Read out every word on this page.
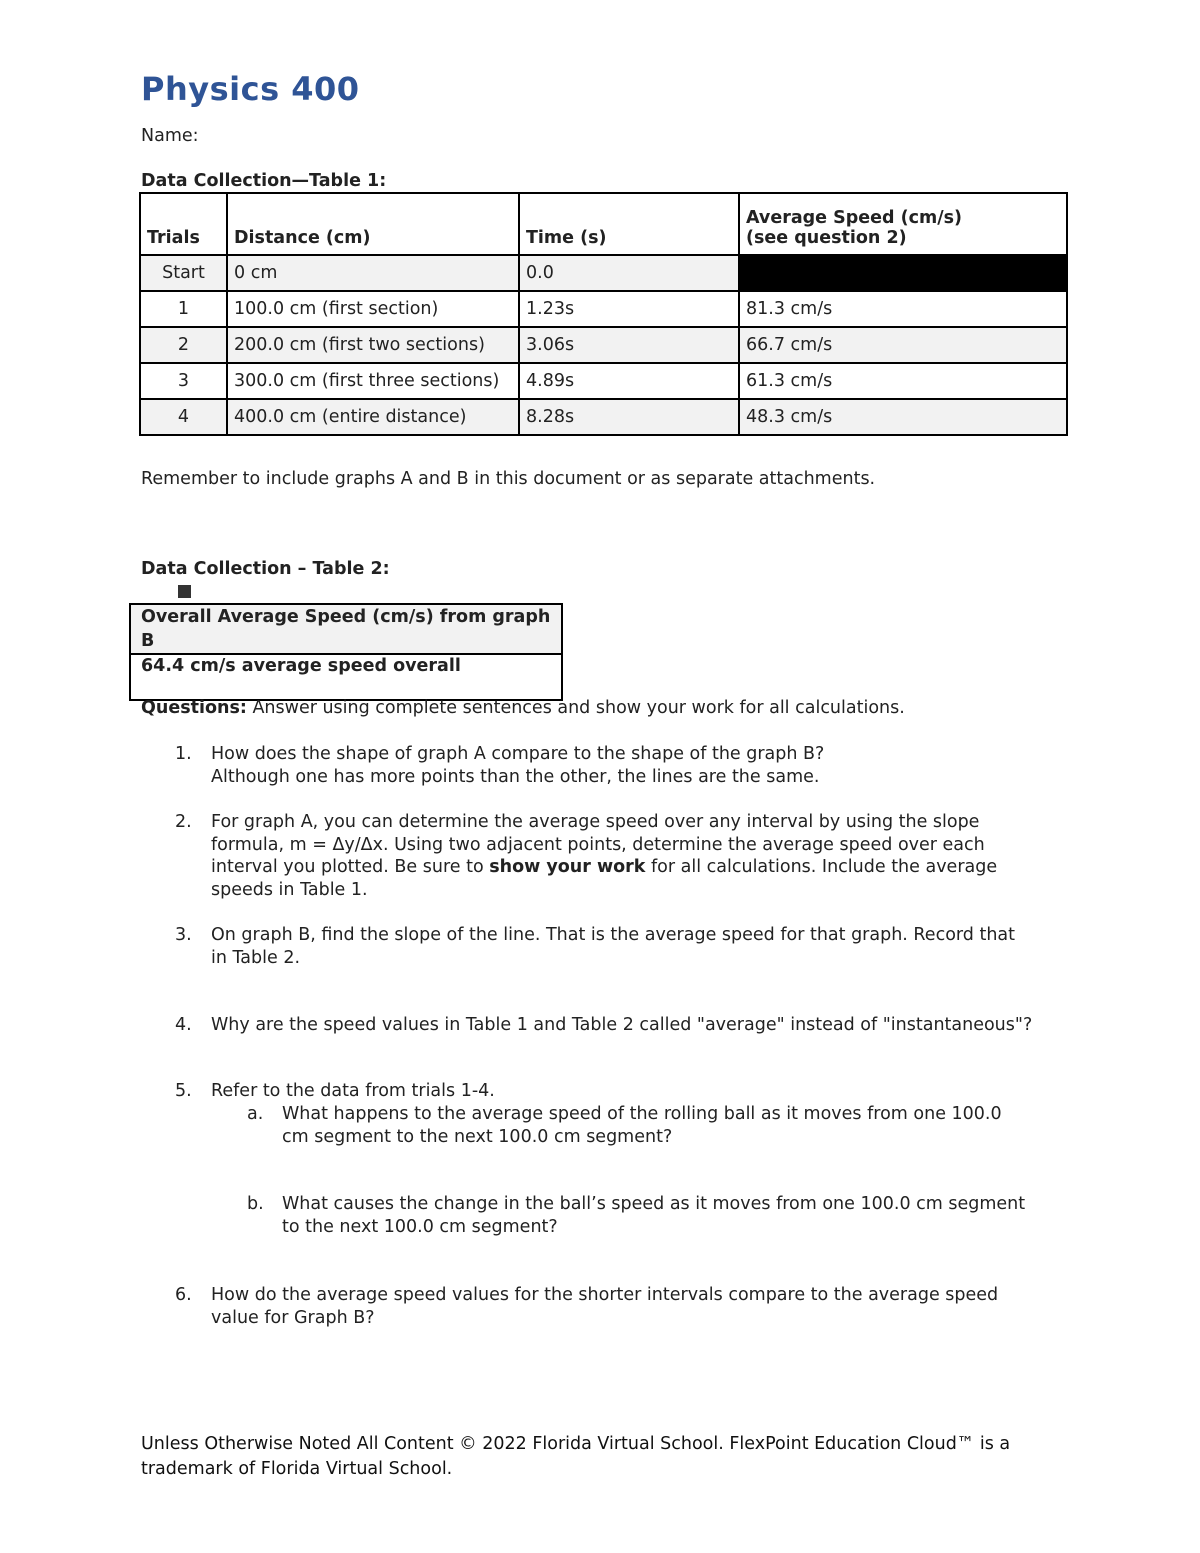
Physics 400
Name:
Data Collection—Table 1:
Trials	Distance (cm)	Time (s)	Average Speed (cm/s)
(see question 2)
Start	0 cm	0.0	
1	100.0 cm (first section)	1.23s	81.3 cm/s
2	200.0 cm (first two sections)	3.06s	66.7 cm/s
3	300.0 cm (first three sections)	4.89s	61.3 cm/s
4	400.0 cm (entire distance)	8.28s	48.3 cm/s
Remember to include graphs A and B in this document or as separate attachments.
Data Collection – Table 2:
Overall Average Speed (cm/s) from graph B
64.4 cm/s average speed overall
Questions: Answer using complete sentences and show your work for all calculations.
1. How does the shape of graph A compare to the shape of the graph B?
Although one has more points than the other, the lines are the same.
2. For graph A, you can determine the average speed over any interval by using the slope formula, m = Δy/Δx. Using two adjacent points, determine the average speed over each interval you plotted. Be sure to show your work for all calculations. Include the average speeds in Table 1.
3. On graph B, find the slope of the line. That is the average speed for that graph. Record that in Table 2.
4. Why are the speed values in Table 1 and Table 2 called "average" instead of "instantaneous"?
5. Refer to the data from trials 1-4.
a. What happens to the average speed of the rolling ball as it moves from one 100.0 cm segment to the next 100.0 cm segment?
b. What causes the change in the ball’s speed as it moves from one 100.0 cm segment to the next 100.0 cm segment?
6. How do the average speed values for the shorter intervals compare to the average speed value for Graph B?
Unless Otherwise Noted All Content © 2022 Florida Virtual School. FlexPoint Education Cloud™ is a trademark of Florida Virtual School.
